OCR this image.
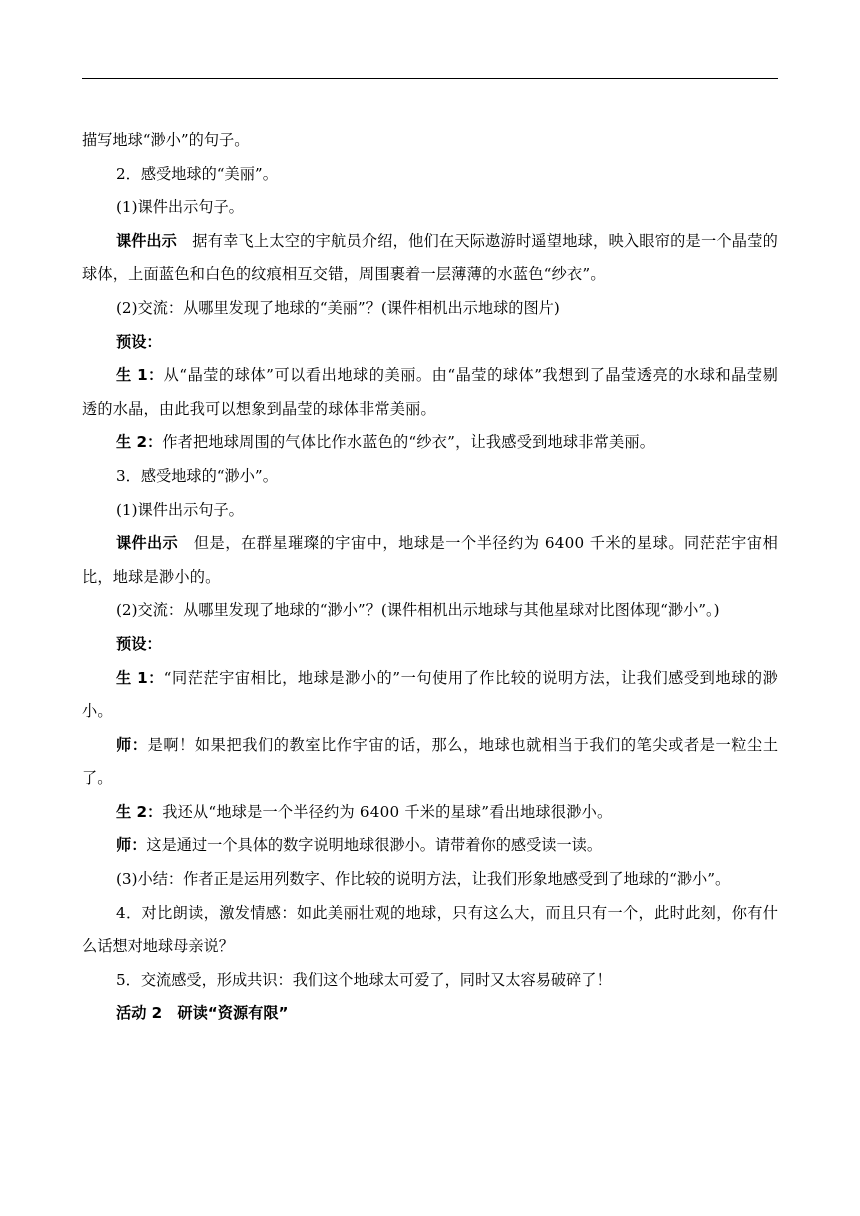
描写地球“渺小”的句子。

2．感受地球的“美丽”。

(1)课件出示句子。

课件出示　据有幸飞上太空的宇航员介绍，他们在天际遨游时遥望地球，映入眼帘的是一个晶莹的球体，上面蓝色和白色的纹痕相互交错，周围裹着一层薄薄的水蓝色“纱衣”。

(2)交流：从哪里发现了地球的“美丽”？(课件相机出示地球的图片)

预设：

生 1：从“晶莹的球体”可以看出地球的美丽。由“晶莹的球体”我想到了晶莹透亮的水球和晶莹剔透的水晶，由此我可以想象到晶莹的球体非常美丽。

生 2：作者把地球周围的气体比作水蓝色的“纱衣”，让我感受到地球非常美丽。

3．感受地球的“渺小”。

(1)课件出示句子。

课件出示　但是，在群星璀璨的宇宙中，地球是一个半径约为 6400 千米的星球。同茫茫宇宙相比，地球是渺小的。

(2)交流：从哪里发现了地球的“渺小”？(课件相机出示地球与其他星球对比图体现“渺小”。)

预设：

生 1：“同茫茫宇宙相比，地球是渺小的”一句使用了作比较的说明方法，让我们感受到地球的渺小。

师：是啊！如果把我们的教室比作宇宙的话，那么，地球也就相当于我们的笔尖或者是一粒尘土了。

生 2：我还从“地球是一个半径约为 6400 千米的星球”看出地球很渺小。

师：这是通过一个具体的数字说明地球很渺小。请带着你的感受读一读。

(3)小结：作者正是运用列数字、作比较的说明方法，让我们形象地感受到了地球的“渺小”。

4．对比朗读，激发情感：如此美丽壮观的地球，只有这么大，而且只有一个，此时此刻，你有什么话想对地球母亲说？

5．交流感受，形成共识：我们这个地球太可爱了，同时又太容易破碎了！

活动 2　研读“资源有限”
